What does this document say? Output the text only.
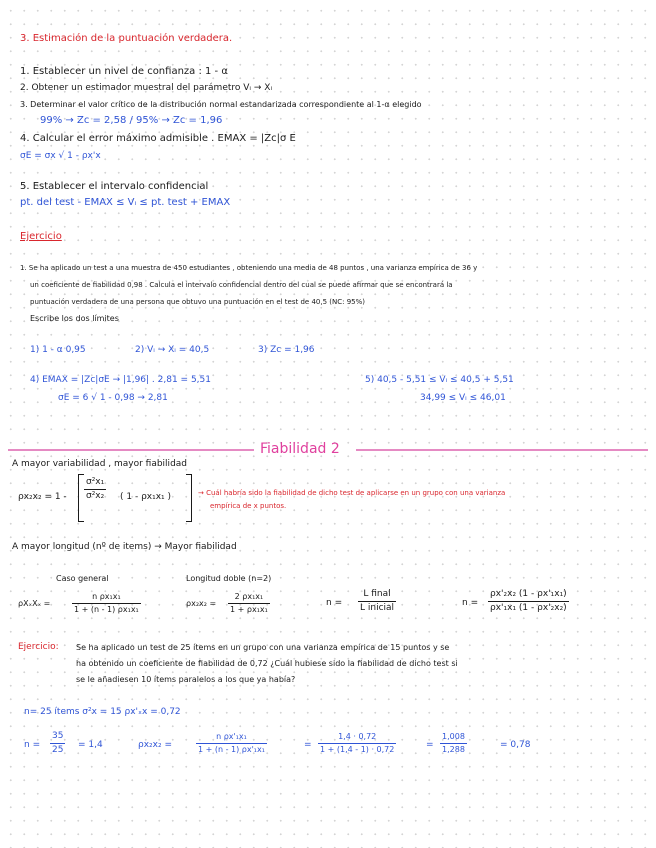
3. Estimación de la puntuación verdadera.
1. Establecer un nivel de confianza : 1 - α
2. Obtener un estimador muestral del parámetro Vᵢ → Xᵢ
3. Determinar el valor crítico de la distribución normal estandarizada correspondiente al 1-α elegido
99% → Zc = 2,58 / 95% → Zc = 1,96
4. Calcular el error máximo admisible . EMAX = |Zc|σ E
σE = σx √ 1 - ρx'x
5. Establecer el intervalo confidencial
pt. del test - EMAX ≤ Vᵢ ≤ pt. test + EMAX
Ejercicio
1. Se ha aplicado un test a una muestra de 450 estudiantes , obteniendo una media de 48 puntos , una varianza empírica de 36 y
un coeficiente de fiabilidad 0,98 . Calcula el intervalo confidencial dentro del cual se puede afirmar que se encontrará la
puntuación verdadera de una persona que obtuvo una puntuación en el test de 40,5 (NC: 95%)
Escribe los dos límites
1) 1 - α 0,95	2) Vᵢ → Xᵢ = 40,5	3) Zc = 1,96
4) EMAX = |Zc|σE → |1,96| . 2,81 = 5,51
σE = 6 √ 1 - 0,98 → 2,81
5) 40,5 - 5,51 ≤ Vᵢ ≤ 40,5 + 5,51
34,99 ≤ Vᵢ ≤ 46,01
Fiabilidad 2
A mayor variabilidad , mayor fiabilidad
$\rho x_2x_2 = 1 - \frac{\text{σ²x₁}}{\text{σ²x₂}}$ ( 1 - ρx₁x₁ )	→ Cuál habría sido la fiabilidad de dicho test de aplicarse en un grupo con una varianza
empírica de x puntos.
A mayor longitud (nº de items) → Mayor fiabilidad
Caso general	Longitud doble (n=2)
ρXₓXₓ =	$\frac{\text{n ρx₁x₁}}{\text{1 + (n - 1) ρx₁x₁}}$	$\rho x_2x_2 = \frac{\text{2 ρx₁x₁}}{\text{1 + ρx₁x₁}}$	n =
L final
L inicial	$n = \frac{\text{ρx'₂x₂ (1 - ρx'₁x₁)}}{\text{ρx'₁x₁ (1 - ρx'₂x₂)}}$
Ejercicio: Se ha aplicado un test de 25 ítems en un grupo con una varianza empírica de 15 puntos y se
ha obtenido un coeficiente de fiabilidad de 0,72 ¿Cuál hubiese sido la fiabilidad de dicho test si
se le añadiesen 10 ítems paralelos a los que ya había?
n= 25 ítems σ²x = 15 ρx'ₓx = 0,72
$n = \frac{35}{25} = 1,4$	ρx₂x₂ =	$\frac{\text{n ρx'₁x₁}}{\text{1 + (n - 1) ρx'₁x₁}}$	= $\frac{1,4 \cdot 0,72}{1 + (1,4 - 1) \cdot 0,72}$	= $\frac{1,008}{1,288}$	= 0,78
